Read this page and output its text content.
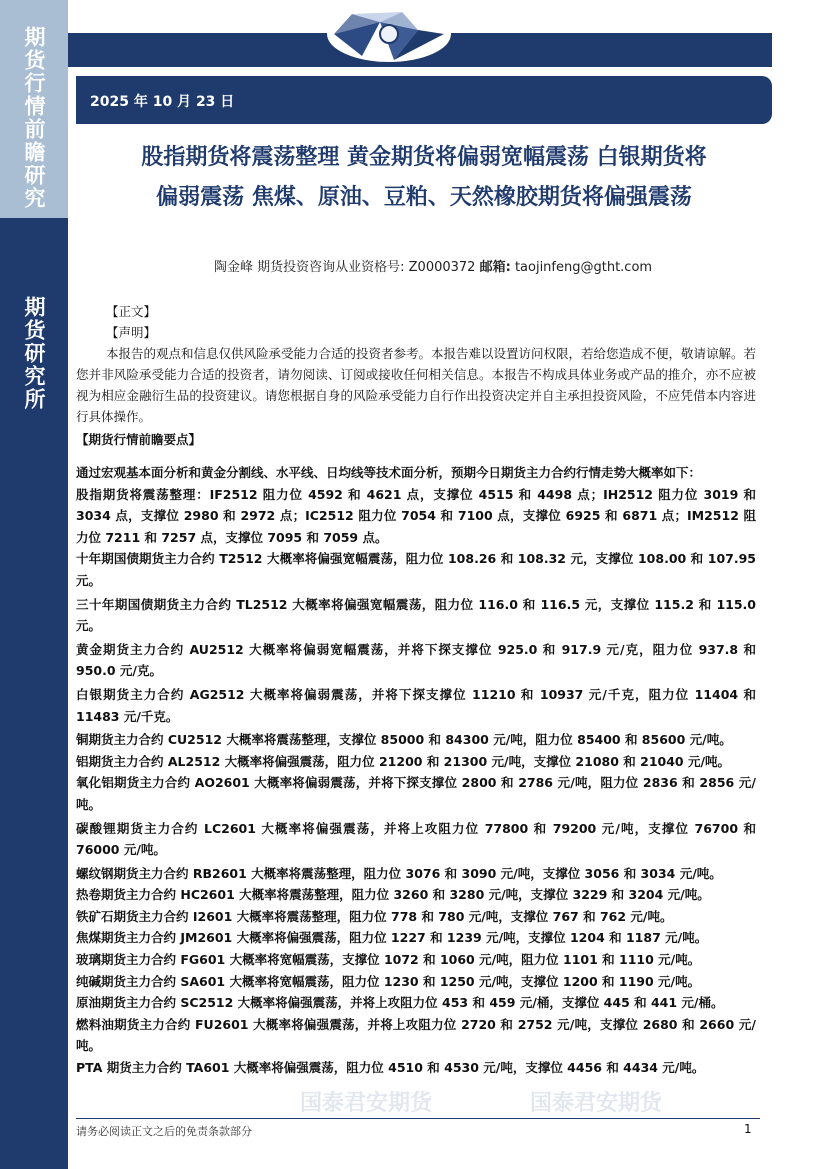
期货行情前瞻研究
期货研究所
2025 年 10 月 23 日
股指期货将震荡整理 黄金期货将偏弱宽幅震荡 白银期货将
偏弱震荡 焦煤、原油、豆粕、天然橡胶期货将偏强震荡
陶金峰 期货投资咨询从业资格号: Z0000372 邮箱: taojinfeng@gtht.com

【正文】

【声明】

本报告的观点和信息仅供风险承受能力合适的投资者参考。本报告难以设置访问权限，若给您造成不便，敬请谅解。若您并非风险承受能力合适的投资者，请勿阅读、订阅或接收任何相关信息。本报告不构成具体业务或产品的推介，亦不应被视为相应金融衍生品的投资建议。请您根据自身的风险承受能力自行作出投资决定并自主承担投资风险，不应凭借本内容进行具体操作。

【期货行情前瞻要点】

通过宏观基本面分析和黄金分割线、水平线、日均线等技术面分析，预期今日期货主力合约行情走势大概率如下：

股指期货将震荡整理：IF2512 阻力位 4592 和 4621 点，支撑位 4515 和 4498 点；IH2512 阻力位 3019 和 3034 点，支撑位 2980 和 2972 点；IC2512 阻力位 7054 和 7100 点，支撑位 6925 和 6871 点；IM2512 阻力位 7211 和 7257 点，支撑位 7095 和 7059 点。

十年期国债期货主力合约 T2512 大概率将偏强宽幅震荡，阻力位 108.26 和 108.32 元，支撑位 108.00 和 107.95 元。

三十年期国债期货主力合约 TL2512 大概率将偏强宽幅震荡，阻力位 116.0 和 116.5 元，支撑位 115.2 和 115.0 元。

黄金期货主力合约 AU2512 大概率将偏弱宽幅震荡，并将下探支撑位 925.0 和 917.9 元/克，阻力位 937.8 和 950.0 元/克。

白银期货主力合约 AG2512 大概率将偏弱震荡，并将下探支撑位 11210 和 10937 元/千克，阻力位 11404 和 11483 元/千克。

铜期货主力合约 CU2512 大概率将震荡整理，支撑位 85000 和 84300 元/吨，阻力位 85400 和 85600 元/吨。

铝期货主力合约 AL2512 大概率将偏强震荡，阻力位 21200 和 21300 元/吨，支撑位 21080 和 21040 元/吨。

氧化铝期货主力合约 AO2601 大概率将偏弱震荡，并将下探支撑位 2800 和 2786 元/吨，阻力位 2836 和 2856 元/吨。

碳酸锂期货主力合约 LC2601 大概率将偏强震荡，并将上攻阻力位 77800 和 79200 元/吨，支撑位 76700 和 76000 元/吨。

螺纹钢期货主力合约 RB2601 大概率将震荡整理，阻力位 3076 和 3090 元/吨，支撑位 3056 和 3034 元/吨。

热卷期货主力合约 HC2601 大概率将震荡整理，阻力位 3260 和 3280 元/吨，支撑位 3229 和 3204 元/吨。

铁矿石期货主力合约 I2601 大概率将震荡整理，阻力位 778 和 780 元/吨，支撑位 767 和 762 元/吨。

焦煤期货主力合约 JM2601 大概率将偏强震荡，阻力位 1227 和 1239 元/吨，支撑位 1204 和 1187 元/吨。

玻璃期货主力合约 FG601 大概率将宽幅震荡，支撑位 1072 和 1060 元/吨，阻力位 1101 和 1110 元/吨。

纯碱期货主力合约 SA601 大概率将宽幅震荡，阻力位 1230 和 1250 元/吨，支撑位 1200 和 1190 元/吨。

原油期货主力合约 SC2512 大概率将偏强震荡，并将上攻阻力位 453 和 459 元/桶，支撑位 445 和 441 元/桶。

燃料油期货主力合约 FU2601 大概率将偏强震荡，并将上攻阻力位 2720 和 2752 元/吨，支撑位 2680 和 2660 元/吨。

PTA 期货主力合约 TA601 大概率将偏强震荡，阻力位 4510 和 4530 元/吨，支撑位 4456 和 4434 元/吨。

国泰君安期货	国泰君安期货
请务必阅读正文之后的免责条款部分	1
